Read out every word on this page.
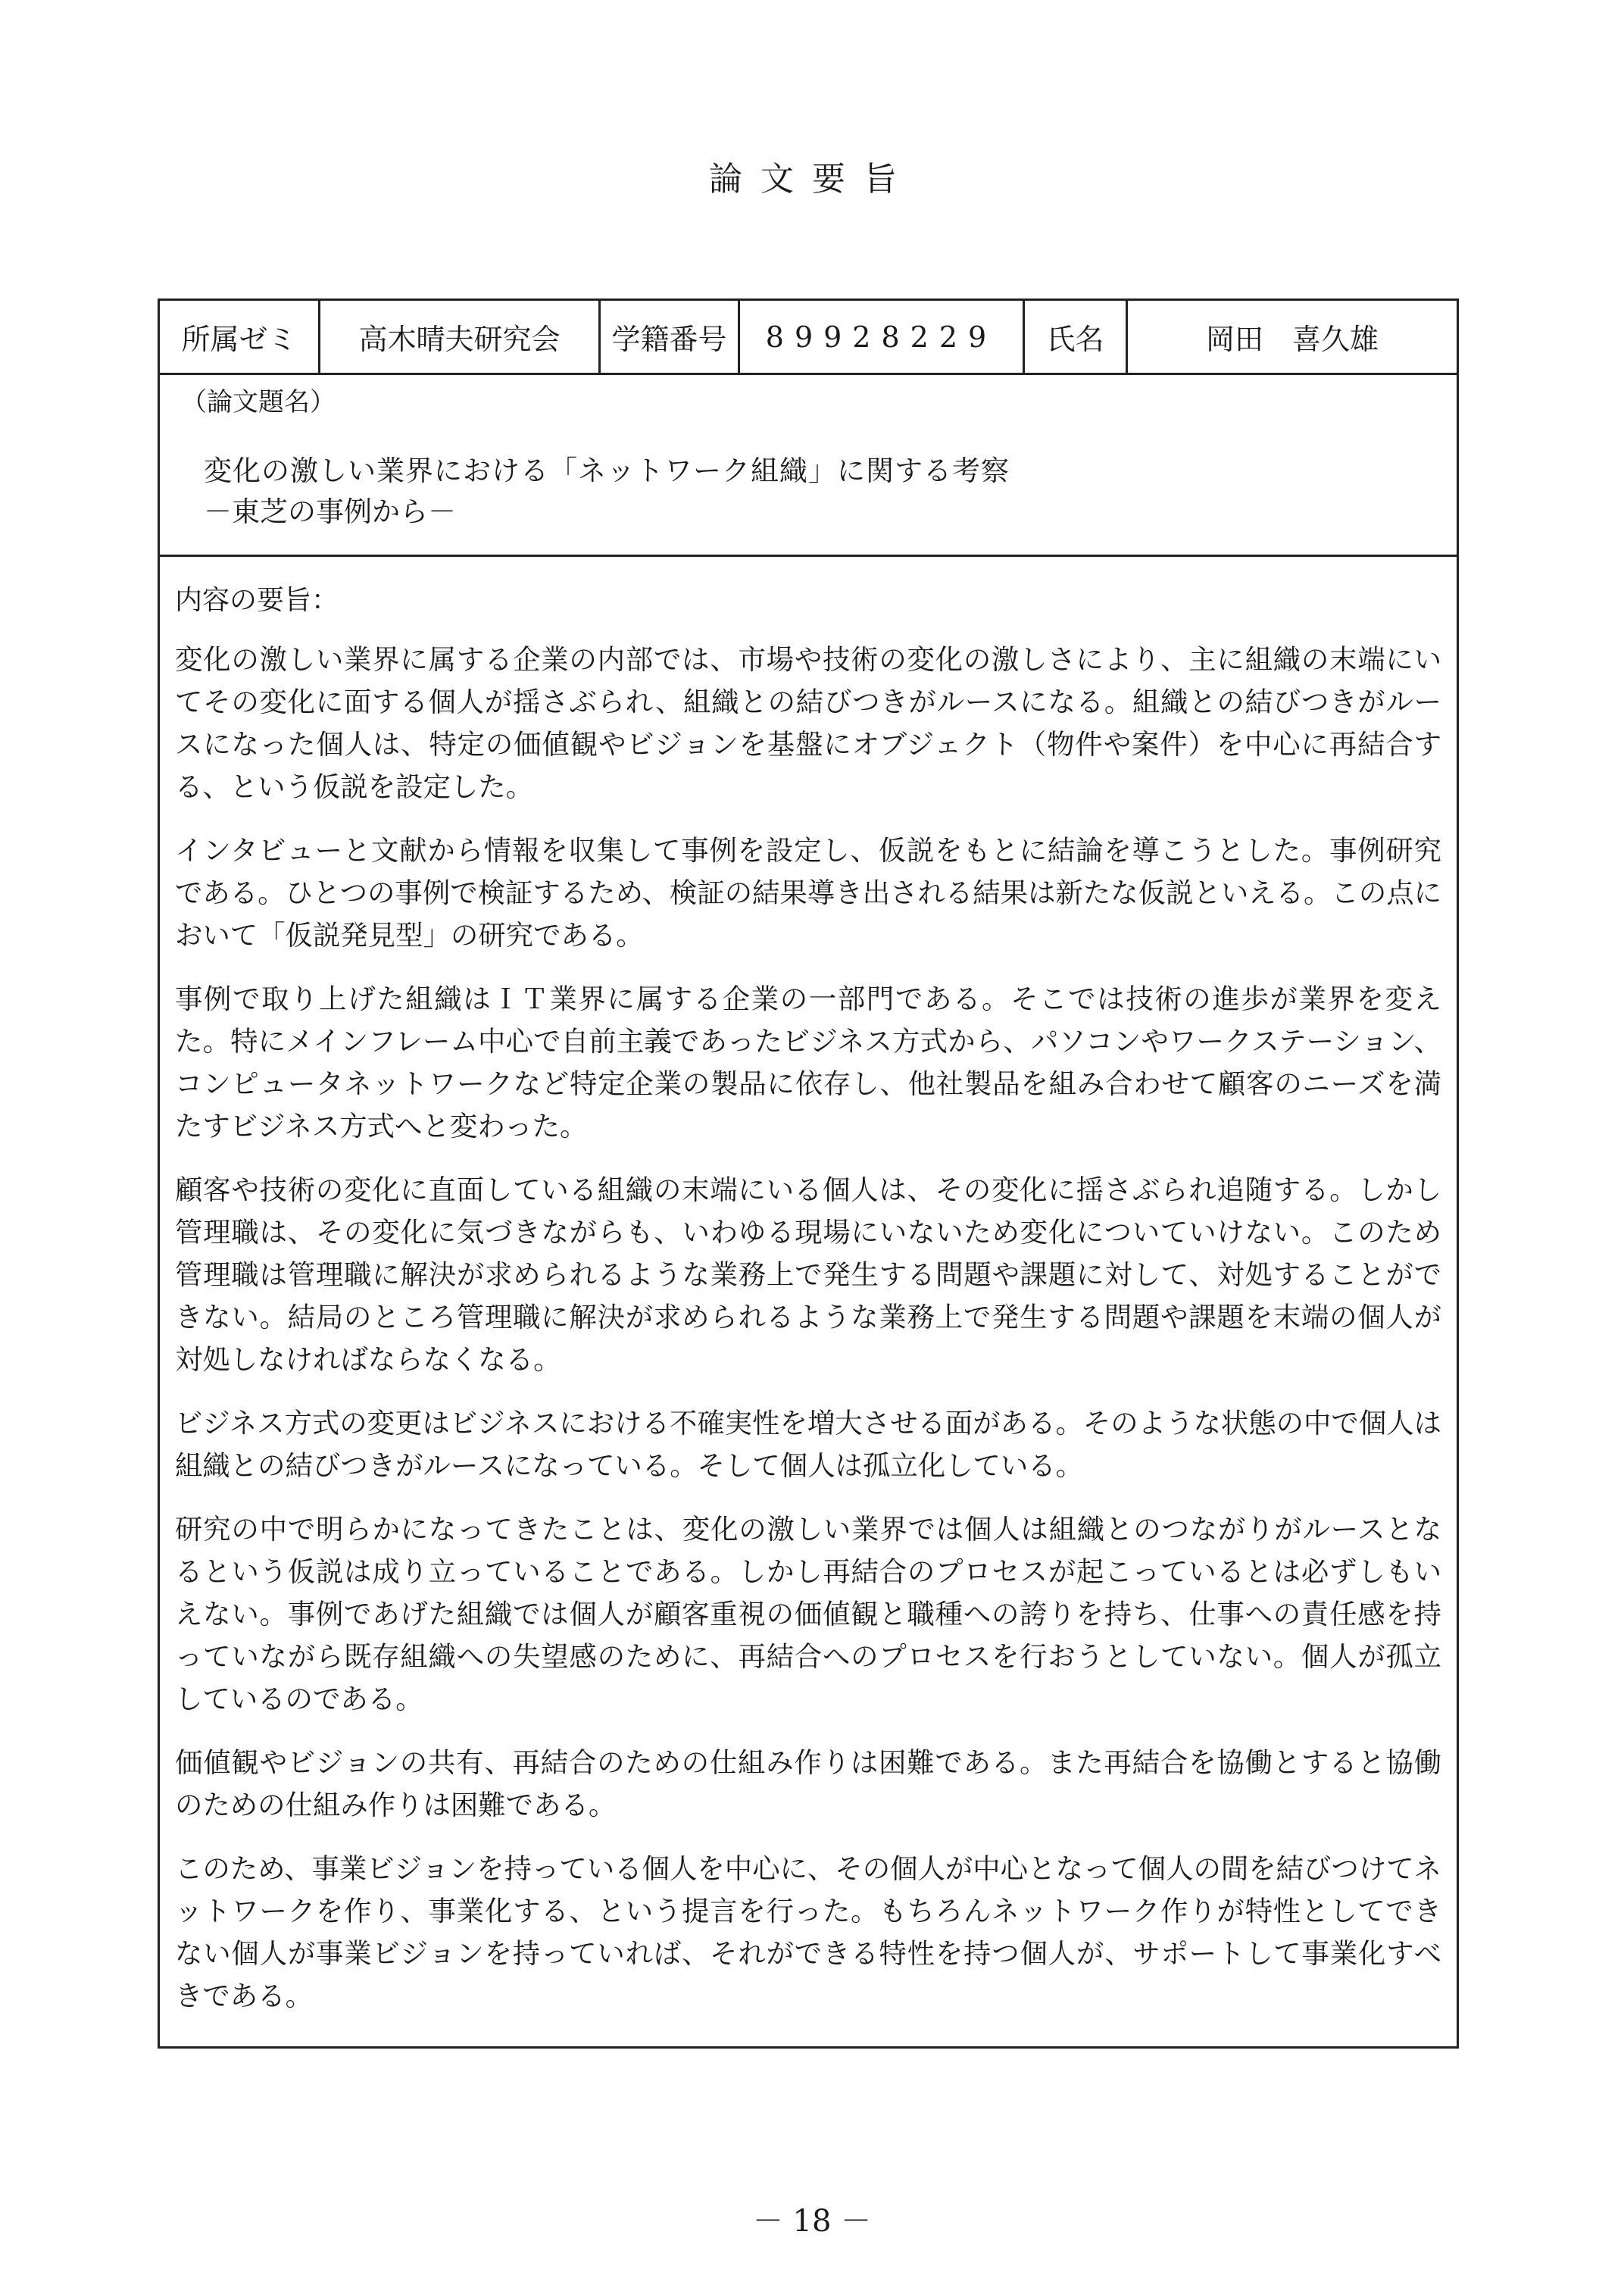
論文要旨
所属ゼミ	高木晴夫研究会	学籍番号	89928229	氏名	岡田　喜久雄
（論文題名）
変化の激しい業界における「ネットワーク組織」に関する考察
－東芝の事例から－

内容の要旨：

変化の激しい業界に属する企業の内部では、市場や技術の変化の激しさにより、主に組織の末端にいてその変化に面する個人が揺さぶられ、組織との結びつきがルースになる。組織との結びつきがルースになった個人は、特定の価値観やビジョンを基盤にオブジェクト（物件や案件）を中心に再結合する、という仮説を設定した。

インタビューと文献から情報を収集して事例を設定し、仮説をもとに結論を導こうとした。事例研究である。ひとつの事例で検証するため、検証の結果導き出される結果は新たな仮説といえる。この点において「仮説発見型」の研究である。

事例で取り上げた組織はＩＴ業界に属する企業の一部門である。そこでは技術の進歩が業界を変えた。特にメインフレーム中心で自前主義であったビジネス方式から、パソコンやワークステーション、コンピュータネットワークなど特定企業の製品に依存し、他社製品を組み合わせて顧客のニーズを満たすビジネス方式へと変わった。

顧客や技術の変化に直面している組織の末端にいる個人は、その変化に揺さぶられ追随する。しかし管理職は、その変化に気づきながらも、いわゆる現場にいないため変化についていけない。このため管理職は管理職に解決が求められるような業務上で発生する問題や課題に対して、対処することができない。結局のところ管理職に解決が求められるような業務上で発生する問題や課題を末端の個人が対処しなければならなくなる。

ビジネス方式の変更はビジネスにおける不確実性を増大させる面がある。そのような状態の中で個人は組織との結びつきがルースになっている。そして個人は孤立化している。

研究の中で明らかになってきたことは、変化の激しい業界では個人は組織とのつながりがルースとなるという仮説は成り立っていることである。しかし再結合のプロセスが起こっているとは必ずしもいえない。事例であげた組織では個人が顧客重視の価値観と職種への誇りを持ち、仕事への責任感を持っていながら既存組織への失望感のために、再結合へのプロセスを行おうとしていない。個人が孤立しているのである。

価値観やビジョンの共有、再結合のための仕組み作りは困難である。また再結合を協働とすると協働のための仕組み作りは困難である。

このため、事業ビジョンを持っている個人を中心に、その個人が中心となって個人の間を結びつけてネットワークを作り、事業化する、という提言を行った。もちろんネットワーク作りが特性としてできない個人が事業ビジョンを持っていれば、それができる特性を持つ個人が、サポートして事業化すべきである。

－ 18 －
